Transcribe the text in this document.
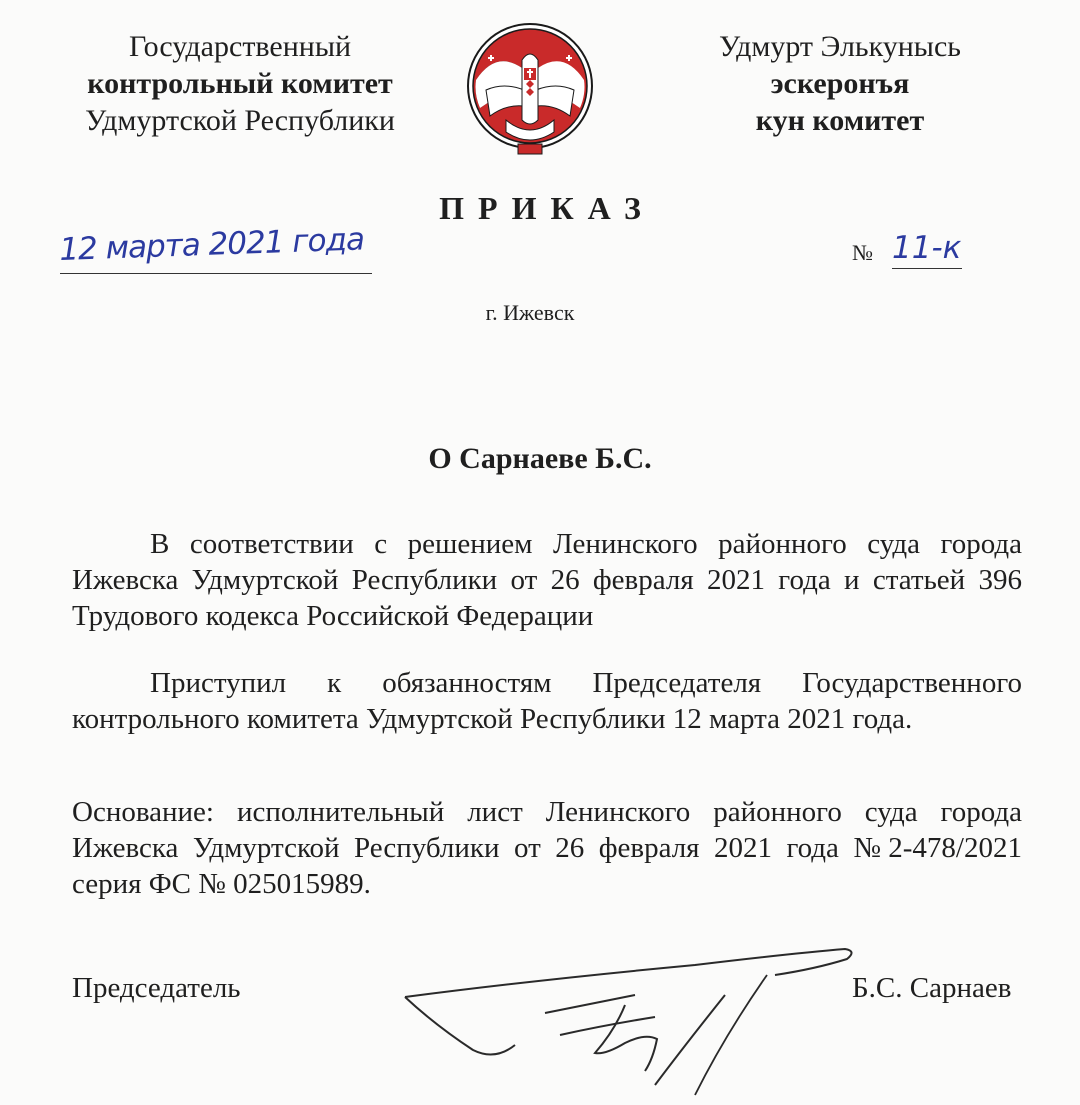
Государственный
контрольный комитет
Удмуртской Республики
Удмурт Элькунысь
эскеронъя
кун комитет
ПРИКАЗ
12 марта 2021 года	№ 11-к
г. Ижевск
О Сарнаеве Б.С.
В соответствии с решением Ленинского районного суда города Ижевска Удмуртской Республики от 26 февраля 2021 года и статьей 396 Трудового кодекса Российской Федерации
Приступил к обязанностям Председателя Государственного контрольного комитета Удмуртской Республики 12 марта 2021 года.
Основание: исполнительный лист Ленинского районного суда города Ижевска Удмуртской Республики от 26 февраля 2021 года №2-478/2021 серия ФС № 025015989.
Председатель	Б.С. Сарнаев
